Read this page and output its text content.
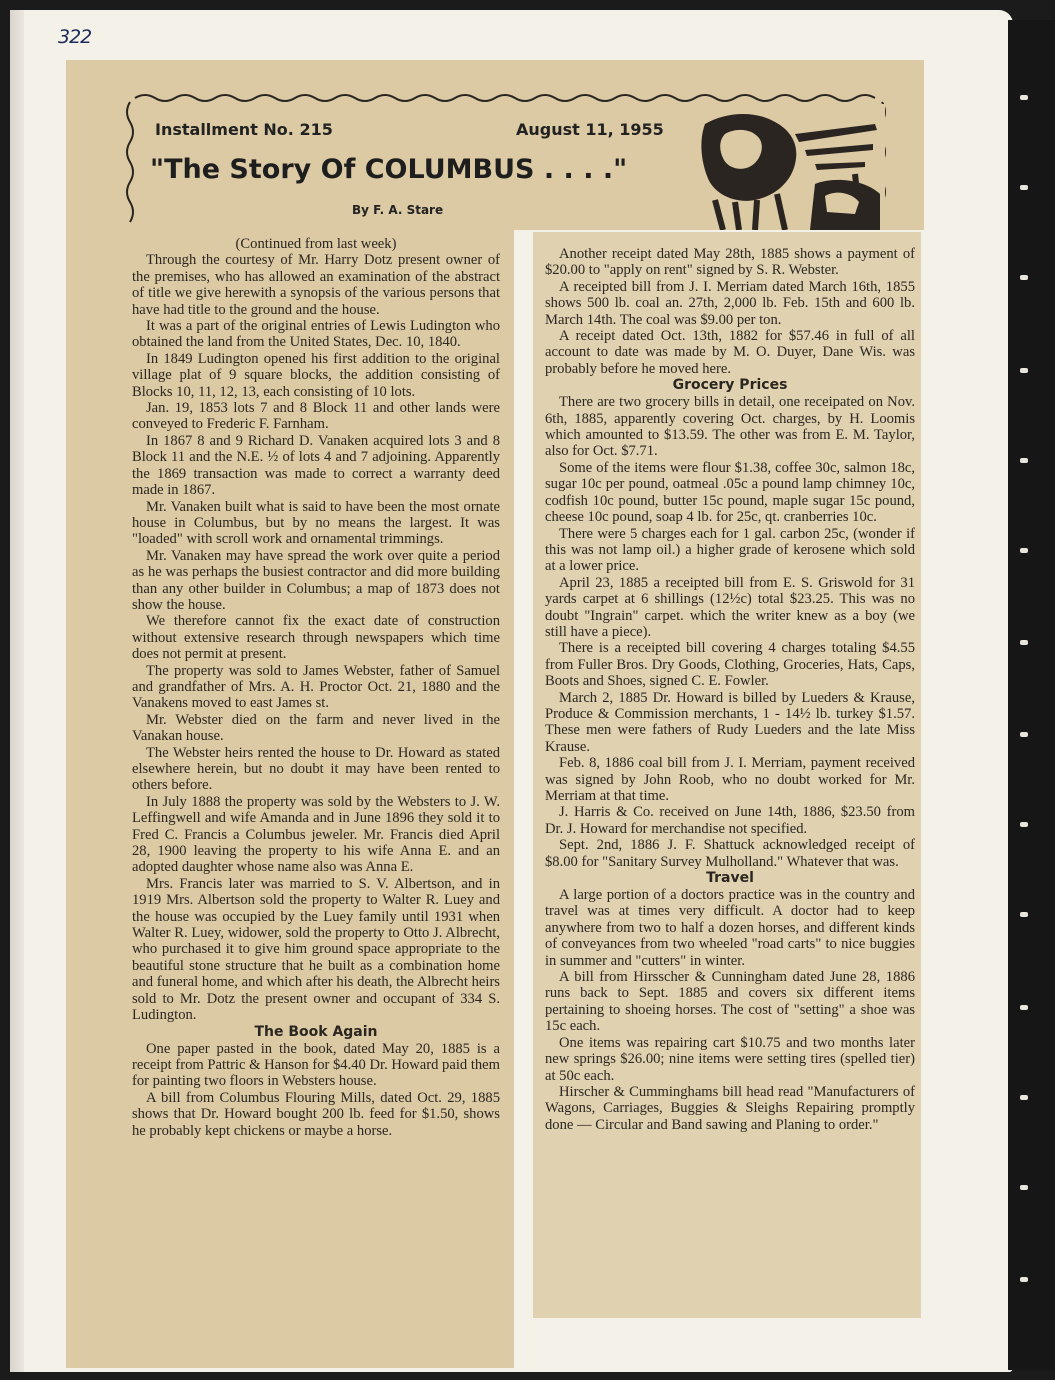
322
Installment No. 215	August 11, 1955
"The Story Of COLUMBUS . . . ."
By F. A. Stare

(Continued from last week)

Through the courtesy of Mr. Harry Dotz present owner of the premises, who has allowed an examination of the abstract of title we give herewith a synopsis of the various persons that have had title to the ground and the house.

It was a part of the original entries of Lewis Ludington who obtained the land from the United States, Dec. 10, 1840.

In 1849 Ludington opened his first addition to the original village plat of 9 square blocks, the addition consisting of Blocks 10, 11, 12, 13, each consisting of 10 lots.

Jan. 19, 1853 lots 7 and 8 Block 11 and other lands were conveyed to Frederic F. Farnham.

In 1867 8 and 9 Richard D. Vanaken acquired lots 3 and 8 Block 11 and the N.E. ½ of lots 4 and 7 adjoining. Apparently the 1869 transaction was made to correct a warranty deed made in 1867.

Mr. Vanaken built what is said to have been the most ornate house in Columbus, but by no means the largest. It was "loaded" with scroll work and ornamental trimmings.

Mr. Vanaken may have spread the work over quite a period as he was perhaps the busiest contractor and did more building than any other builder in Columbus; a map of 1873 does not show the house.

We therefore cannot fix the exact date of construction without extensive research through newspapers which time does not permit at present.

The property was sold to James Webster, father of Samuel and grandfather of Mrs. A. H. Proctor Oct. 21, 1880 and the Vanakens moved to east James st.

Mr. Webster died on the farm and never lived in the Vanakan house.

The Webster heirs rented the house to Dr. Howard as stated elsewhere herein, but no doubt it may have been rented to others before.

In July 1888 the property was sold by the Websters to J. W. Leffingwell and wife Amanda and in June 1896 they sold it to Fred C. Francis a Columbus jeweler. Mr. Francis died April 28, 1900 leaving the property to his wife Anna E. and an adopted daughter whose name also was Anna E.

Mrs. Francis later was married to S. V. Albertson, and in 1919 Mrs. Albertson sold the property to Walter R. Luey and the house was occupied by the Luey family until 1931 when Walter R. Luey, widower, sold the property to Otto J. Albrecht, who purchased it to give him ground space appropriate to the beautiful stone structure that he built as a combination home and funeral home, and which after his death, the Albrecht heirs sold to Mr. Dotz the present owner and occupant of 334 S. Ludington.

The Book Again

One paper pasted in the book, dated May 20, 1885 is a receipt from Pattric & Hanson for $4.40 Dr. Howard paid them for painting two floors in Websters house.

A bill from Columbus Flouring Mills, dated Oct. 29, 1885 shows that Dr. Howard bought 200 lb. feed for $1.50, shows he probably kept chickens or maybe a horse.

Another receipt dated May 28th, 1885 shows a payment of $20.00 to "apply on rent" signed by S. R. Webster.

A receipted bill from J. I. Merriam dated March 16th, 1855 shows 500 lb. coal an. 27th, 2,000 lb. Feb. 15th and 600 lb. March 14th. The coal was $9.00 per ton.

A receipt dated Oct. 13th, 1882 for $57.46 in full of all account to date was made by M. O. Duyer, Dane Wis. was probably before he moved here.

Grocery Prices

There are two grocery bills in detail, one receipated on Nov. 6th, 1885, apparently covering Oct. charges, by H. Loomis which amounted to $13.59. The other was from E. M. Taylor, also for Oct. $7.71.

Some of the items were flour $1.38, coffee 30c, salmon 18c, sugar 10c per pound, oatmeal .05c a pound lamp chimney 10c, codfish 10c pound, butter 15c pound, maple sugar 15c pound, cheese 10c pound, soap 4 lb. for 25c, qt. cranberries 10c.

There were 5 charges each for 1 gal. carbon 25c, (wonder if this was not lamp oil.) a higher grade of kerosene which sold at a lower price.

April 23, 1885 a receipted bill from E. S. Griswold for 31 yards carpet at 6 shillings (12½c) total $23.25. This was no doubt "Ingrain" carpet. which the writer knew as a boy (we still have a piece).

There is a receipted bill covering 4 charges totaling $4.55 from Fuller Bros. Dry Goods, Clothing, Groceries, Hats, Caps, Boots and Shoes, signed C. E. Fowler.

March 2, 1885 Dr. Howard is billed by Lueders & Krause, Produce & Commission merchants, 1 - 14½ lb. turkey $1.57. These men were fathers of Rudy Lueders and the late Miss Krause.

Feb. 8, 1886 coal bill from J. I. Merriam, payment received was signed by John Roob, who no doubt worked for Mr. Merriam at that time.

J. Harris & Co. received on June 14th, 1886, $23.50 from Dr. J. Howard for merchandise not specified.

Sept. 2nd, 1886 J. F. Shattuck acknowledged receipt of $8.00 for "Sanitary Survey Mulholland." Whatever that was.

Travel

A large portion of a doctors practice was in the country and travel was at times very difficult. A doctor had to keep anywhere from two to half a dozen horses, and different kinds of conveyances from two wheeled "road carts" to nice buggies in summer and "cutters" in winter.

A bill from Hirsscher & Cunningham dated June 28, 1886 runs back to Sept. 1885 and covers six different items pertaining to shoeing horses. The cost of "setting" a shoe was 15c each.

One items was repairing cart $10.75 and two months later new springs $26.00; nine items were setting tires (spelled tier) at 50c each.

Hirscher & Cumminghams bill head read "Manufacturers of Wagons, Carriages, Buggies & Sleighs Repairing promptly done — Circular and Band sawing and Planing to order."
